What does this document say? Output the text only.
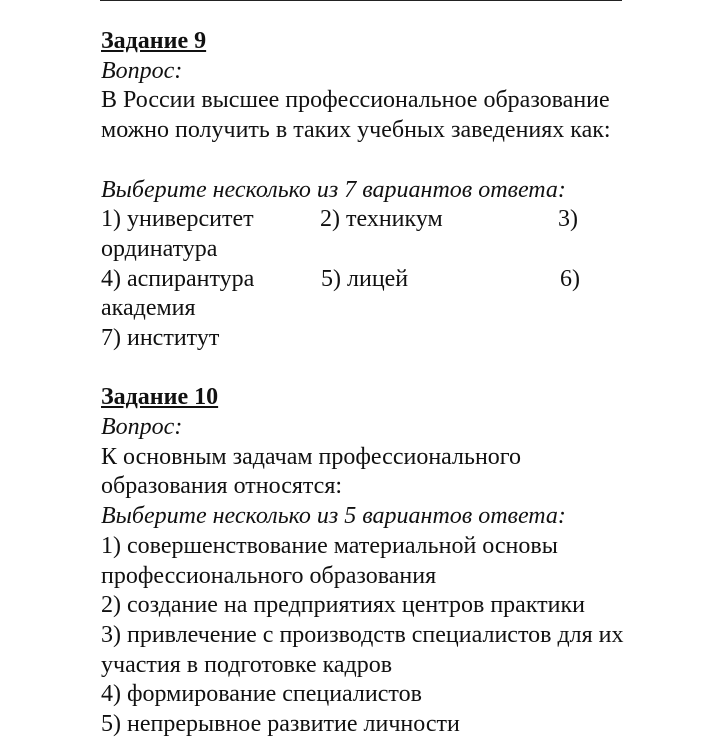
Задание 9
Вопрос:
В России высшее профессиональное образование
можно получить в таких учебных заведениях как:
Выберите несколько из 7 вариантов ответа:
1) университет	2) техникум	3)
ординатура
4) аспирантура	5) лицей	6)
академия
7) институт
Задание 10
Вопрос:
К основным задачам профессионального
образования относятся:
Выберите несколько из 5 вариантов ответа:
1) совершенствование материальной основы
профессионального образования
2) создание на предприятиях центров практики
3) привлечение с производств специалистов для их
участия в подготовке кадров
4) формирование специалистов
5) непрерывное развитие личности
